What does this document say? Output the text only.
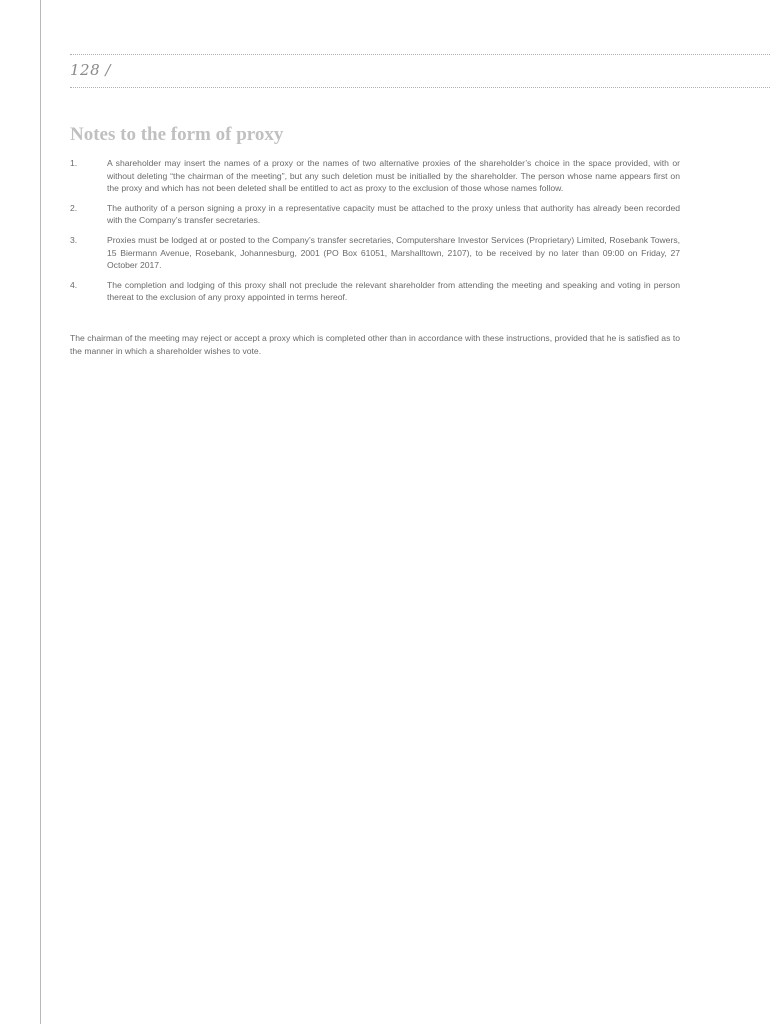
128 /
Notes to the form of proxy
1.	A shareholder may insert the names of a proxy or the names of two alternative proxies of the shareholder’s choice in the space provided, with or without deleting “the chairman of the meeting”, but any such deletion must be initialled by the shareholder. The person whose name appears first on the proxy and which has not been deleted shall be entitled to act as proxy to the exclusion of those whose names follow.
2.	The authority of a person signing a proxy in a representative capacity must be attached to the proxy unless that authority has already been recorded with the Company’s transfer secretaries.
3.	Proxies must be lodged at or posted to the Company’s transfer secretaries, Computershare Investor Services (Proprietary) Limited, Rosebank Towers, 15 Biermann Avenue, Rosebank, Johannesburg, 2001 (PO Box 61051, Marshalltown, 2107), to be received by no later than 09:00 on Friday, 27 October 2017.
4.	The completion and lodging of this proxy shall not preclude the relevant shareholder from attending the meeting and speaking and voting in person thereat to the exclusion of any proxy appointed in terms hereof.

The chairman of the meeting may reject or accept a proxy which is completed other than in accordance with these instructions, provided that he is satisfied as to the manner in which a shareholder wishes to vote.
